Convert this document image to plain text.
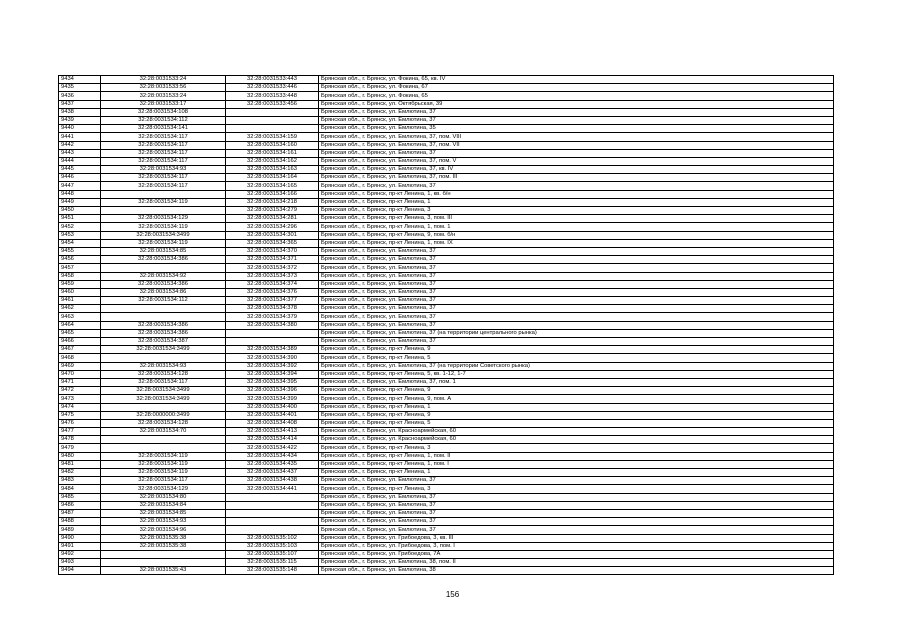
9434	32:28:0031533:24	32:28:0031533:443	Брянская обл., г. Брянск, ул. Фокина, 65, кв. IV
9435	32:28:0031533:56	32:28:0031533:446	Брянская обл., г. Брянск, ул. Фокина, 67
9436	32:28:0031533:24	32:28:0031533:448	Брянская обл., г. Брянск, ул. Фокина, 65
9437	32:28:0031533:17	32:28:0031533:456	Брянская обл., г. Брянск, ул. Октябрьская, 39
9438	32:28:0031534:108		Брянская обл., г. Брянск, ул. Емлютина, 37
9439	32:28:0031534:112		Брянская обл., г. Брянск, ул. Емлютина, 37
9440	32:28:0031534:141		Брянская обл., г. Брянск, ул. Емлютина, 35
9441	32:28:0031534:117	32:28:0031534:159	Брянская обл., г. Брянск, ул. Емлютина, 37, пом. VIII
9442	32:28:0031534:117	32:28:0031534:160	Брянская обл., г. Брянск, ул. Емлютина, 37, пом. VII
9443	32:28:0031534:117	32:28:0031534:161	Брянская обл., г. Брянск, ул. Емлютина, 37
9444	32:28:0031534:117	32:28:0031534:162	Брянская обл., г. Брянск, ул. Емлютина, 37, пом. V
9445	32:28:0031534:93	32:28:0031534:163	Брянская обл., г. Брянск, ул. Емлютина, 37, кв. IV
9446	32:28:0031534:117	32:28:0031534:164	Брянская обл., г. Брянск, ул. Емлютина, 37, пом. III
9447	32:28:0031534:117	32:28:0031534:165	Брянская обл., г. Брянск, ул. Емлютина, 37
9448		32:28:0031534:166	Брянская обл., г. Брянск, пр-кт Ленина, 1, кв. б/н
9449	32:28:0031534:119	32:28:0031534:218	Брянская обл., г. Брянск, пр-кт Ленина, 1
9450		32:28:0031534:279	Брянская обл., г. Брянск, пр-кт Ленина, 3
9451	32:28:0031534:129	32:28:0031534:281	Брянская обл., г. Брянск, пр-кт Ленина, 3, пом. III
9452	32:28:0031534:119	32:28:0031534:296	Брянская обл., г. Брянск, пр-кт Ленина, 1, пом. 1
9453	32:28:0031534:3499	32:28:0031534:301	Брянская обл., г. Брянск, пр-кт Ленина, 9, пом. б/н
9454	32:28:0031534:119	32:28:0031534:365	Брянская обл., г. Брянск, пр-кт Ленина, 1, пом. IX
9455	32:28:0031534:85	32:28:0031534:370	Брянская обл., г. Брянск, ул. Емлютина, 37
9456	32:28:0031534:386	32:28:0031534:371	Брянская обл., г. Брянск, ул. Емлютина, 37
9457		32:28:0031534:372	Брянская обл., г. Брянск, ул. Емлютина, 37
9458	32:28:0031534:92	32:28:0031534:373	Брянская обл., г. Брянск, ул. Емлютина, 37
9459	32:28:0031534:386	32:28:0031534:374	Брянская обл., г. Брянск, ул. Емлютина, 37
9460	32:28:0031534:86	32:28:0031534:376	Брянская обл., г. Брянск, ул. Емлютина, 37
9461	32:28:0031534:112	32:28:0031534:377	Брянская обл., г. Брянск, ул. Емлютина, 37
9462		32:28:0031534:378	Брянская обл., г. Брянск, ул. Емлютина, 37
9463		32:28:0031534:379	Брянская обл., г. Брянск, ул. Емлютина, 37
9464	32:28:0031534:386	32:28:0031534:380	Брянская обл., г. Брянск, ул. Емлютина, 37
9465	32:28:0031534:386		Брянская обл., г. Брянск, ул. Емлютина, 37 (на территории центрального рынка)
9466	32:28:0031534:387		Брянская обл., г. Брянск, ул. Емлютина, 37
9467	32:28:0031534:3499	32:28:0031534:389	Брянская обл., г. Брянск, пр-кт Ленина, 9
9468		32:28:0031534:390	Брянская обл., г. Брянск, пр-кт Ленина, 5
9469	32:28:0031534:93	32:28:0031534:392	Брянская обл., г. Брянск, ул. Емлютина, 37 (на территории Советского рынка)
9470	32:28:0031534:128	32:28:0031534:394	Брянская обл., г. Брянск, пр-кт Ленина, 5, кв. 1-12, 1-7
9471	32:28:0031534:117	32:28:0031534:395	Брянская обл., г. Брянск, ул. Емлютина, 37, пом. 1
9472	32:28:0031534:3499	32:28:0031534:396	Брянская обл., г. Брянск, пр-кт Ленина, 9
9473	32:28:0031534:3499	32:28:0031534:399	Брянская обл., г. Брянск, пр-кт Ленина, 9, пом. А
9474		32:28:0031534:400	Брянская обл., г. Брянск, пр-кт Ленина, 1
9475	32:28:0000000:3499	32:28:0031534:401	Брянская обл., г. Брянск, пр-кт Ленина, 9
9476	32:28:0031534:128	32:28:0031534:408	Брянская обл., г. Брянск, пр-кт Ленина, 5
9477	32:28:0031534:70	32:28:0031534:413	Брянская обл., г. Брянск, ул. Красноармейская, 60
9478		32:28:0031534:414	Брянская обл., г. Брянск, ул. Красноармейская, 60
9479		32:28:0031534:422	Брянская обл., г. Брянск, пр-кт Ленина, 3
9480	32:28:0031534:119	32:28:0031534:434	Брянская обл., г. Брянск, пр-кт Ленина, 1, пом. II
9481	32:28:0031534:119	32:28:0031534:435	Брянская обл., г. Брянск, пр-кт Ленина, 1, пом. I
9482	32:28:0031534:119	32:28:0031534:437	Брянская обл., г. Брянск, пр-кт Ленина, 1
9483	32:28:0031534:117	32:28:0031534:438	Брянская обл., г. Брянск, ул. Емлютина, 37
9484	32:28:0031534:129	32:28:0031534:441	Брянская обл., г. Брянск, пр-кт Ленина, 3
9485	32:28:0031534:80		Брянская обл., г. Брянск, ул. Емлютина, 37
9486	32:28:0031534:84		Брянская обл., г. Брянск, ул. Емлютина, 37
9487	32:28:0031534:85		Брянская обл., г. Брянск, ул. Емлютина, 37
9488	32:28:0031534:93		Брянская обл., г. Брянск, ул. Емлютина, 37
9489	32:28:0031534:96		Брянская обл., г. Брянск, ул. Емлютина, 37
9490	32:28:0031535:38	32:28:0031535:102	Брянская обл., г. Брянск, ул. Грибоедова, 3, кв. III
9491	32:28:0031535:38	32:28:0031535:103	Брянская обл., г. Брянск, ул. Грибоедова, 3, пом. I
9492		32:28:0031535:107	Брянская обл., г. Брянск, ул. Грибоедова, 7А
9493		32:28:0031535:115	Брянская обл., г. Брянск, ул. Емлютина, 38, пом. II
9494	32:28:0031535:43	32:28:0031535:148	Брянская обл., г. Брянск, ул. Емлютина, 38
156
